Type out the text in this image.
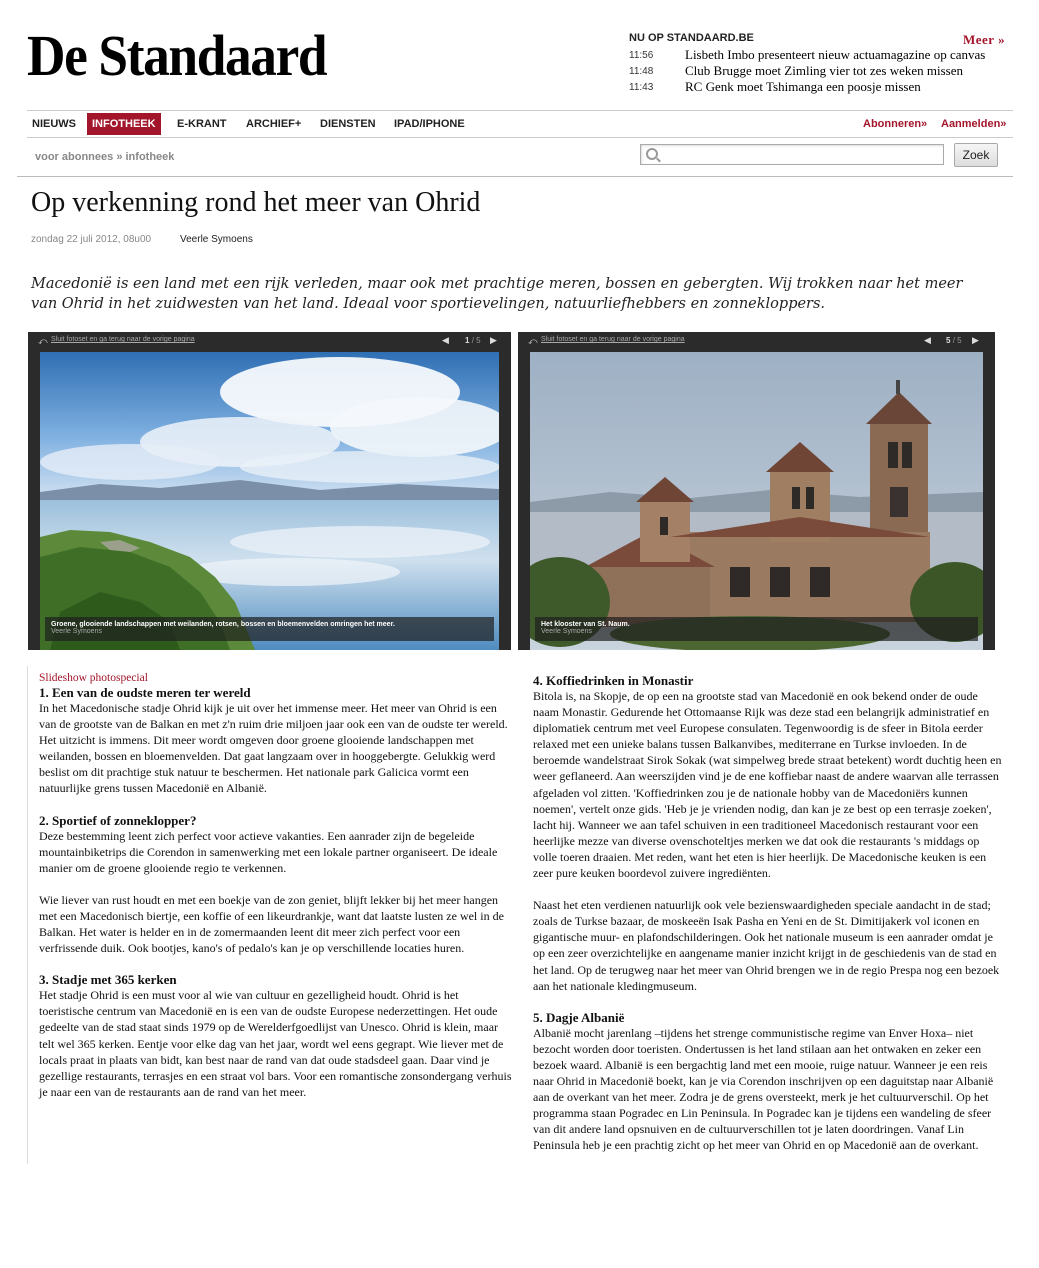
De Standaard	NU OP STANDAARD.BE	Meer »
11:56	Lisbeth Imbo presenteert nieuw actuamagazine op canvas
11:48	Club Brugge moet Zimling vier tot zes weken missen
11:43	RC Genk moet Tshimanga een poosje missen
NIEUWS	INFOTHEEK	E-KRANT	ARCHIEF+	DIENSTEN	IPAD/IPHONE	Abonneren» Aanmelden»
voor abonnees » infotheek	Zoek
Op verkenning rond het meer van Ohrid
zondag 22 juli 2012, 08u00	Veerle Symoens
Macedonië is een land met een rijk verleden, maar ook met prachtige meren, bossen en gebergten. Wij trokken naar het meer van Ohrid in het zuidwesten van het land. Ideaal voor sportievelingen, natuurliefhebbers en zonnekloppers.
⤺ Sluit fotoset en ga terug naar de vorige pagina	◀ 1 / 5 ▶
Groene, glooiende landschappen met weilanden, rotsen, bossen en bloemenvelden omringen het meer.
Veerle Symoens
⤺ Sluit fotoset en ga terug naar de vorige pagina	◀ 5 / 5 ▶
Het klooster van St. Naum.
Veerle Symoens
Slideshow photospecial
1. Een van de oudste meren ter wereld

In het Macedonische stadje Ohrid kijk je uit over het immense meer. Het meer van Ohrid is een van de grootste van de Balkan en met z'n ruim drie miljoen jaar ook een van de oudste ter wereld. Het uitzicht is immens. Dit meer wordt omgeven door groene glooiende landschappen met weilanden, bossen en bloemenvelden. Dat gaat langzaam over in hooggebergte. Gelukkig werd beslist om dit prachtige stuk natuur te beschermen. Het nationale park Galicica vormt een natuurlijke grens tussen Macedonië en Albanië.

2. Sportief of zonneklopper?

Deze bestemming leent zich perfect voor actieve vakanties. Een aanrader zijn de begeleide mountainbiketrips die Corendon in samenwerking met een lokale partner organiseert. De ideale manier om de groene glooiende regio te verkennen.

Wie liever van rust houdt en met een boekje van de zon geniet, blijft lekker bij het meer hangen met een Macedonisch biertje, een koffie of een likeurdrankje, want dat laatste lusten ze wel in de Balkan. Het water is helder en in de zomermaanden leent dit meer zich perfect voor een verfrissende duik. Ook bootjes, kano's of pedalo's kan je op verschillende locaties huren.

3. Stadje met 365 kerken

Het stadje Ohrid is een must voor al wie van cultuur en gezelligheid houdt. Ohrid is het toeristische centrum van Macedonië en is een van de oudste Europese nederzettingen. Het oude gedeelte van de stad staat sinds 1979 op de Werelderfgoedlijst van Unesco. Ohrid is klein, maar telt wel 365 kerken. Eentje voor elke dag van het jaar, wordt wel eens gegrapt. Wie liever met de locals praat in plaats van bidt, kan best naar de rand van dat oude stadsdeel gaan. Daar vind je gezellige restaurants, terrasjes en een straat vol bars. Voor een romantische zonsondergang verhuis je naar een van de restaurants aan de rand van het meer.

4. Koffiedrinken in Monastir

Bitola is, na Skopje, de op een na grootste stad van Macedonië en ook bekend onder de oude naam Monastir. Gedurende het Ottomaanse Rijk was deze stad een belangrijk administratief en diplomatiek centrum met veel Europese consulaten. Tegenwoordig is de sfeer in Bitola eerder relaxed met een unieke balans tussen Balkanvibes, mediterrane en Turkse invloeden. In de beroemde wandelstraat Sirok Sokak (wat simpelweg brede straat betekent) wordt duchtig heen en weer geflaneerd. Aan weerszijden vind je de ene koffiebar naast de andere waarvan alle terrassen afgeladen vol zitten. 'Koffiedrinken zou je de nationale hobby van de Macedoniërs kunnen noemen', vertelt onze gids. 'Heb je je vrienden nodig, dan kan je ze best op een terrasje zoeken', lacht hij. Wanneer we aan tafel schuiven in een traditioneel Macedonisch restaurant voor een heerlijke mezze van diverse ovenschoteltjes merken we dat ook die restaurants 's middags op volle toeren draaien. Met reden, want het eten is hier heerlijk. De Macedonische keuken is een zeer pure keuken boordevol zuivere ingrediënten.

Naast het eten verdienen natuurlijk ook vele bezienswaardigheden speciale aandacht in de stad; zoals de Turkse bazaar, de moskeeën Isak Pasha en Yeni en de St. Dimitijakerk vol iconen en gigantische muur- en plafondschilderingen. Ook het nationale museum is een aanrader omdat je op een zeer overzichtelijke en aangename manier inzicht krijgt in de geschiedenis van de stad en het land. Op de terugweg naar het meer van Ohrid brengen we in de regio Prespa nog een bezoek aan het nationale kledingmuseum.

5. Dagje Albanië

Albanië mocht jarenlang –tijdens het strenge communistische regime van Enver Hoxa– niet bezocht worden door toeristen. Ondertussen is het land stilaan aan het ontwaken en zeker een bezoek waard. Albanië is een bergachtig land met een mooie, ruige natuur. Wanneer je een reis naar Ohrid in Macedonië boekt, kan je via Corendon inschrijven op een daguitstap naar Albanië aan de overkant van het meer. Zodra je de grens oversteekt, merk je het cultuurverschil. Op het programma staan Pogradec en Lin Peninsula. In Pogradec kan je tijdens een wandeling de sfeer van dit andere land opsnuiven en de cultuurverschillen tot je laten doordringen. Vanaf Lin Peninsula heb je een prachtig zicht op het meer van Ohrid en op Macedonië aan de overkant.
